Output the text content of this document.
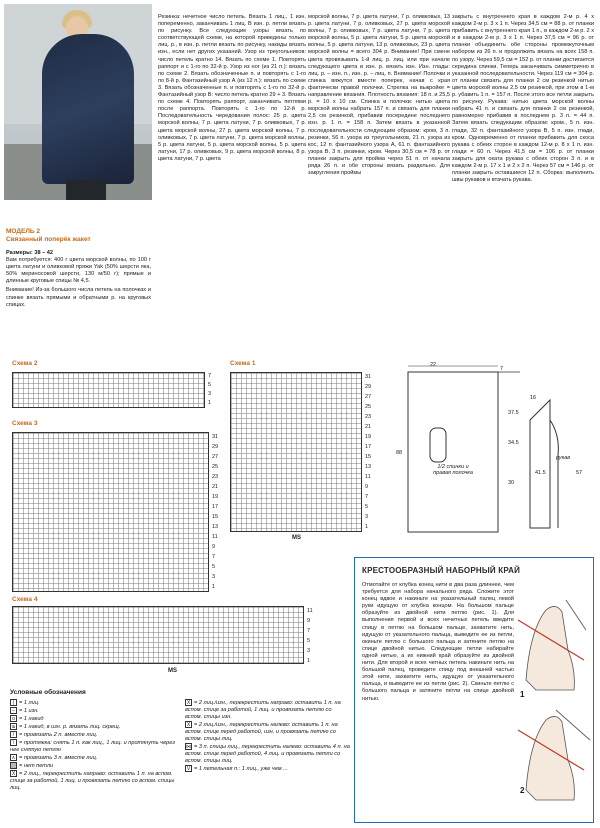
МОДЕЛЬ 2
Связанный поперёк жакет

Размеры: 38 – 42

Вам потребуется: 400 г цвета морской волны, по 100 г цвета латуни и оливковой пряжи Yak (50% шерсти яка, 50% мериносовой шерсти, 130 м/50 г); прямые и длинные круговые спицы № 4,5.

Внимание! Из-за большого числа петель на полочках и спинке вязать прямыми и обратными р. на круговых спицах.

Резинка: нечетное число петель. Вязать 1 лиц., 1 изн. попеременно, заканчивать 1 лиц. В изн. р. петли вязать по рисунку. Все следующие узоры вязать по соответствующей схеме, на которой приведены только лиц. р., в изн. р. петли вязать по рисунку, накиды вязать изн., если нет других указаний. Узор из треугольников: число петель кратно 14. Вязать по схеме 1. Повторять раппорт и с 1-го по 32-й р. Узор из ног (из 21 п.): вязать по схеме 2. Вязать обозначенные п. и повторять с 1-го по 8-й р. Фантазийный узор А (из 12 п.): вязать по схеме 3. Вязать обозначенные п. и повторять с 1-го по 32-й р. Фантазийный узор В: число петель кратно 29 + 3. Вязать по схеме 4. Повторять раппорт, заканчивать петлями после раппорта. Повторять с 1-го по 12-й р. Последовательность чередования полос: 25 р. цвета морской волны, 7 р. цвета латуни, 7 р. оливковых, 7 р. цвета морской волны, 27 р. цвета морской волны, 7 р. оливковых, 7 р. цвета латуни, 7 р. цвета морской волны, 5 р. цвета латуни, 5 р. цвета морской волны, 5 р. цвета латуни, 17 р. оливковых, 9 р. цвета морской волны, 8 р. цвета латуни, 7 р. цвета

морской волны, 7 р. цвета латуни, 7 р. оливковых, 13 р. цвета латуни, 7 р. оливковых, 27 р. цвета морской волны, 7 р. оливковых, 7 р. цвета латуни, 7 р. цвета морской волны, 5 р. цвета латуни, 5 р. цвета морской волны, 5 р. цвета латуни, 13 р. оливковых, 23 р. цвета морской волны = всего 304 р. Внимание! При смене цвета провязывать 1-й лиц. р. лиц. или при начале следующего цвета в изн. р. вязать изн. Изн. глады: лиц. р. – изн. п., изн. р. – лиц. п. Внимание! Полочки и спинка вяжутся вместе поперек, начав с края фактически правой полочки. Стрелка на выкройке = направление вязания. Плотность вязания: 18 п. и 25,5 р. = 10 х 10 см. Спинка и полочки: нитью цвета морской волны набрать 157 п. и связать для планки 2,5 см резинкой, прибавив посередине последнего изн. р. 1 п. = 158 п. Затем вязать в указанной последовательности следующим образом: кром, 3 п. резинки, 56 п. узора из треугольников, 21 п. узора из кос, 12 п. фантазийного узора А, 61 п. фантазийного узора В, 3 п. резинки, кром. Через 30,5 см = 78 р. от планки закрыть для пройма через 51 п. от начала ряда 26 п. и обе стороны вязать раздельно. Для закругления проймы

закрыть с внутреннего края в каждом 2-м р. 4 х каждом 2-м р. 3 х 1 п. Через 34,5 см = 88 р. от планки прибавить с внутреннего края 1 п., в каждом 2-м р. 2 х и в каждом 2-м р. 3 х 1 п. Через 37,5 см = 96 р. от планки объединить обе стороны промежуточным набором из 26 п. и продолжить вязать на всех 158 п. по узору. Через 59,5 см = 152 р. от планки достигается середина спинки. Теперь заканчивать симметрично в указанной последовательности. Через 119 см = 304 р. от планки связать для планки 2 см резинкой нитью цвета морской волны 2,5 см резинкой, при этом в 1-м р. убавить 1 п. = 157 п. После этого все петли закрыть по рисунку. Рукава: нитью цвета морской волны набрать 41 п. и связать для планки 2 см резинкой, равномерно прибавив в последнем р. 3 п. = 44 п. Затем вязать следующим образом: кром., 5 п. изн. глади, 32 п. фантазийного узора В, 5 п. изн. глади, кром. Одновременно от планки прибавить для скоса рукава с обеих сторон в каждом 12-м р. 8 х 1 п. изн. глади = 60 п. Через 41,5 см = 106 р. от планки закрыть для оката рукава с обеих сторон 3 п. и в каждом 2-м р. 17 х 1 и 2 х 2 п. Через 57 см = 146 р. от планки закрыть оставшиеся 12 п. Сборка: выполнить швы рукавов и втачать рукава.

Схема 2
7
5
3
1
Схема 1
31
29
27
25
23
21
19
17
15
13
11
9
7
5
3
1
MS
Схема 3
31
29
27
25
23
21
19
17
15
13
11
9
7
5
3
1
Схема 4
11
9
7
5
3
1
MS
22
7
88
1/2 спинки и правая полочка
30
34.5
37.5
16
41.5	57
рукав
КРЕСТООБРАЗНЫЙ НАБОРНЫЙ КРАЙ

Отмотайте от клубка конец нити в два раза длиннее, чем требуется для набора начального ряда. Сложите этот конец вдвое и накиньте на указательный палец левой руки идущую от клубка концом. На большом пальце образуйте из двойной нити петлю (рис. 1). Для выполнения первой и всех нечетных петель введите спицу в петлю на большом пальце, захватите нить, идущую от указательного пальца, выведите ее из петли, окиньте петлю с большого пальца и затяните петлю на спице двойной нитью. Следующие петли набирайте одной нитью, а их нижний край образуйте из двойной нити. Для второй и всех четных петель накиньте нить на большой палец, проведите спицу под внешней частью этой нити, захватите нить, идущую от указательного пальца, и выведите ее из петли (рис. 2). Скиньте петлю с большого пальца и затяните петли на спице двойной нитью.	1
2
Условные обозначения
| = 1 лиц.
– = 1 изн.
o = 1 накид
ᴓ = 1 накид, в изн. р. вязать лиц. скрещ.
/ = провязать 2 п. вместе лиц.
\ = протяжка: снять 1 п. как лиц., 1 лиц. и протянуть через нее снятую петлю
∧ = провязать 3 п. вместе лиц.
= нет петли
X = 2 лиц., перекрестить направо: оставить 1 п. на вспом. спице за работой, 1 лиц. и провязать петлю со вспом. спицы лиц.
X = 2 лиц./изн., перекрестить направо: оставить 1 п. на вспом. спице за работой, 1 лиц. и провязать петлю со вспом. спицы изн.
X = 2 лиц./изн., перекрестить налево: оставить 1 п. на вспом. спице перед работой, изн. и провязать петлю со вспом. спицы лиц.
⋈ = 3 п. спицы лиц., перекрестить налево: оставить 4 п. на вспом. спице перед работой, 4 лиц. и провязать петли со вспом. спицы лиц.
V = 1 петельная п.: 1 лиц., уже чем ...
